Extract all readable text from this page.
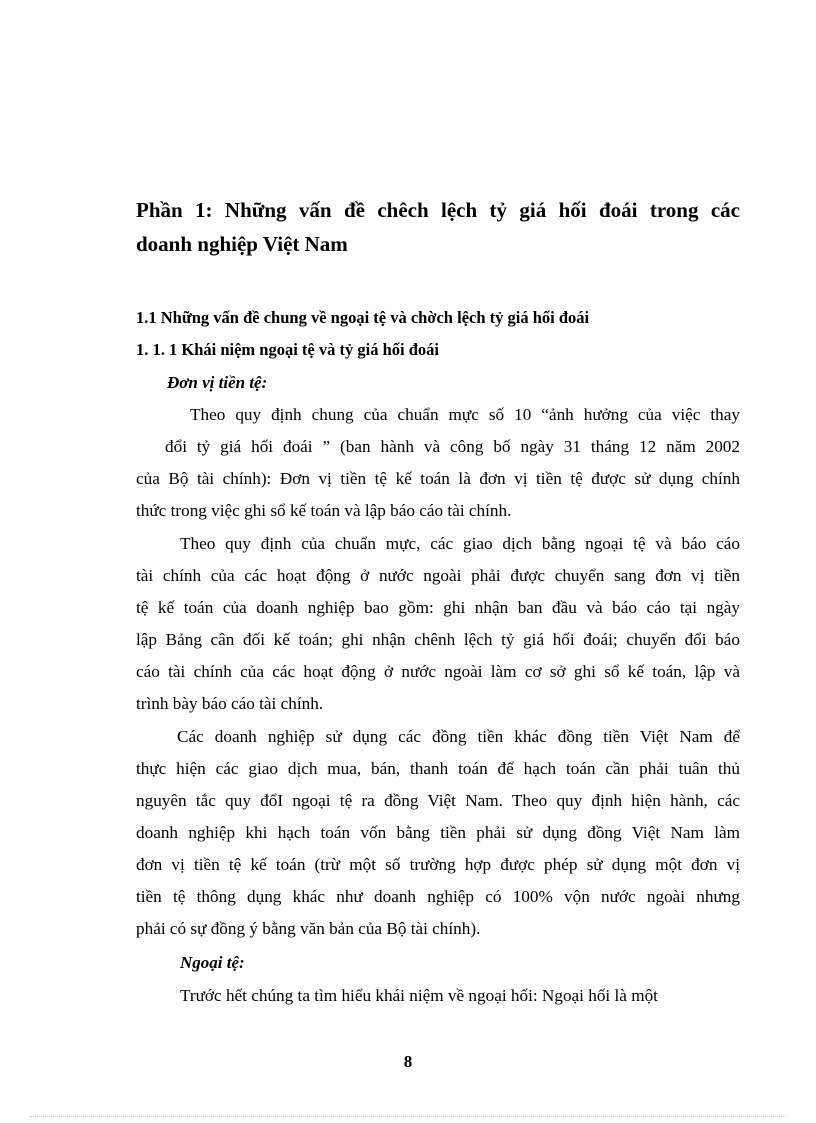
Phần 1: Những vấn đề chêch lệch tỷ giá hối đoái trong các
doanh nghiệp Việt Nam
1.1 Những vấn đề chung về ngoại tệ và chờch lệch tỷ giá hối đoái
1. 1. 1 Khái niệm ngoại tệ và tỷ giá hối đoái
Đơn vị tiền tệ:
Theo quy định chung của chuẩn mực số 10 “ảnh hưởng của việc thay
đổi tỷ giá hối đoái ” (ban hành và công bố ngày 31 tháng 12 năm 2002
của Bộ tài chính): Đơn vị tiền tệ kế toán là đơn vị tiền tệ được sử dụng chính
thức trong việc ghi sổ kế toán và lập báo cáo tài chính.
Theo quy định của chuẩn mực, các giao dịch bằng ngoại tệ và báo cáo
tài chính của các hoạt động ở nước ngoài phải được chuyển sang đơn vị tiền
tệ kế toán của doanh nghiệp bao gồm: ghi nhận ban đầu và báo cáo tại ngày
lập Bảng cân đối kế toán; ghi nhận chênh lệch tỷ giá hối đoái; chuyển đổi báo
cáo tài chính của các hoạt động ở nước ngoài làm cơ sở ghi sổ kế toán, lập và
trình bày báo cáo tài chính.
Các doanh nghiệp sử dụng các đồng tiền khác đồng tiền Việt Nam để
thực hiện các giao dịch mua, bán, thanh toán để hạch toán cần phải tuân thủ
nguyên tắc quy đổI ngoại tệ ra đồng Việt Nam. Theo quy định hiện hành, các
doanh nghiệp khi hạch toán vốn bằng tiền phải sử dụng đồng Việt Nam làm
đơn vị tiền tệ kế toán (trừ một số trường hợp được phép sử dụng một đơn vị
tiền tệ thông dụng khác như doanh nghiệp có 100% vộn nước ngoài nhưng
phải có sự đồng ý bằng văn bản của Bộ tài chính).
Ngoại tệ:
Trước hết chúng ta tìm hiểu khái niệm về ngoại hối: Ngoại hối là một
8
